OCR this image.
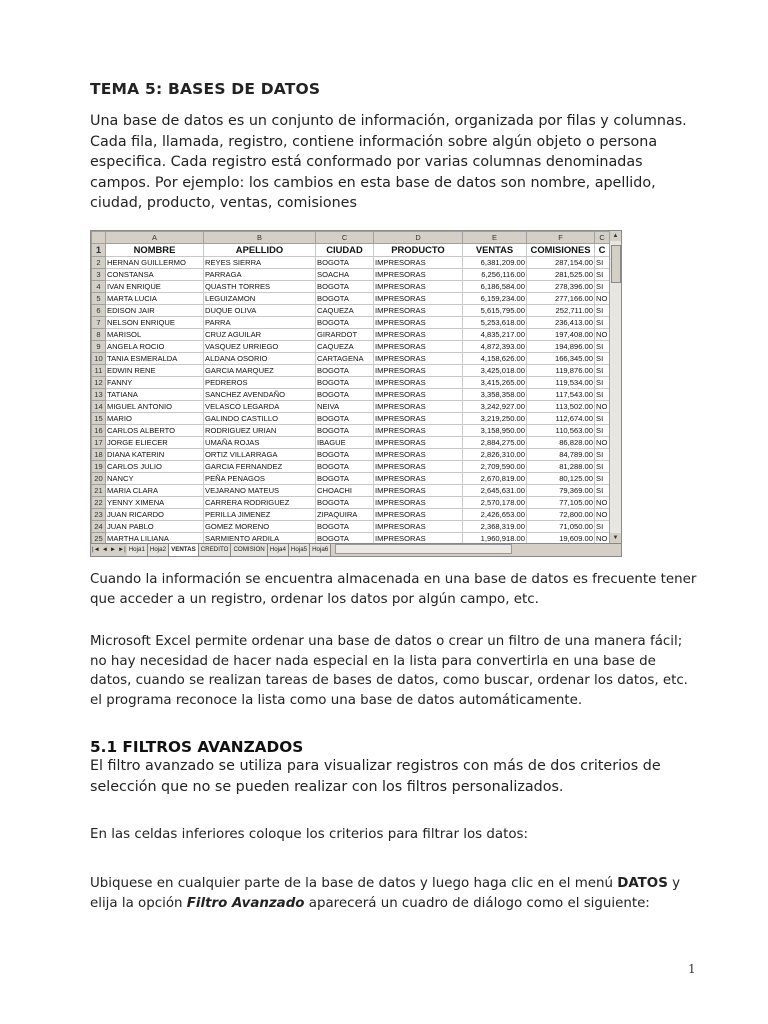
TEMA 5: BASES DE DATOS

Una base de datos es un conjunto de información, organizada por filas y columnas. Cada fila, llamada, registro, contiene información sobre algún objeto o persona especifica. Cada registro está conformado por varias columnas denominadas campos. Por ejemplo: los cambios en esta base de datos son nombre, apellido, ciudad, producto, ventas, comisiones

	A	B	C	D	E	F	C
1	NOMBRE	APELLIDO	CIUDAD	PRODUCTO	VENTAS	COMISIONES	C
2	HERNAN GUILLERMO	REYES SIERRA	BOGOTA	IMPRESORAS	6,381,209.00	287,154.00	SI
3	CONSTANSA	PARRAGA	SOACHA	IMPRESORAS	6,256,116.00	281,525.00	SI
4	IVAN ENRIQUE	QUASTH TORRES	BOGOTA	IMPRESORAS	6,186,584.00	278,396.00	SI
5	MARTA LUCIA	LEGUIZAMON	BOGOTA	IMPRESORAS	6,159,234.00	277,166.00	NO
6	EDISON JAIR	DUQUE OLIVA	CAQUEZA	IMPRESORAS	5,615,795.00	252,711.00	SI
7	NELSON ENRIQUE	PARRA	BOGOTA	IMPRESORAS	5,253,618.00	236,413.00	SI
8	MARISOL	CRUZ AGUILAR	GIRARDOT	IMPRESORAS	4,835,217.00	197,408.00	NO
9	ANGELA ROCIO	VASQUEZ URRIEGO	CAQUEZA	IMPRESORAS	4,872,393.00	194,896.00	SI
10	TANIA ESMERALDA	ALDANA OSORIO	CARTAGENA	IMPRESORAS	4,158,626.00	166,345.00	SI
11	EDWIN RENE	GARCIA MARQUEZ	BOGOTA	IMPRESORAS	3,425,018.00	119,876.00	SI
12	FANNY	PEDREROS	BOGOTA	IMPRESORAS	3,415,265.00	119,534.00	SI
13	TATIANA	SANCHEZ AVENDAÑO	BOGOTA	IMPRESORAS	3,358,358.00	117,543.00	SI
14	MIGUEL ANTONIO	VELASCO LEGARDA	NEIVA	IMPRESORAS	3,242,927.00	113,502.00	NO
15	MARIO	GALINDO CASTILLO	BOGOTA	IMPRESORAS	3,219,250.00	112,674.00	SI
16	CARLOS ALBERTO	RODRIGUEZ URIAN	BOGOTA	IMPRESORAS	3,158,950.00	110,563.00	SI
17	JORGE ELIECER	UMAÑA ROJAS	IBAGUE	IMPRESORAS	2,884,275.00	86,828.00	NO
18	DIANA KATERIN	ORTIZ VILLARRAGA	BOGOTA	IMPRESORAS	2,826,310.00	84,789.00	SI
19	CARLOS JULIO	GARCIA FERNANDEZ	BOGOTA	IMPRESORAS	2,709,590.00	81,288.00	SI
20	NANCY	PEÑA PENAGOS	BOGOTA	IMPRESORAS	2,670,819.00	80,125.00	SI
21	MARIA CLARA	VEJARANO MATEUS	CHOACHI	IMPRESORAS	2,645,631.00	79,369.00	SI
22	YENNY XIMENA	CARRERA RODRIGUEZ	BOGOTA	IMPRESORAS	2,570,178.00	77,105.00	NO
23	JUAN RICARDO	PERILLA JIMENEZ	ZIPAQUIRA	IMPRESORAS	2,426,653.00	72,800.00	NO
24	JUAN PABLO	GOMEZ MORENO	BOGOTA	IMPRESORAS	2,368,319.00	71,050.00	SI
25	MARTHA LILIANA	SARMIENTO ARDILA	BOGOTA	IMPRESORAS	1,960,918.00	19,609.00	NO
▲
▼
|◄ ◄ ► ►| Hoja1 Hoja2 VENTAS CREDITO COMISION Hoja4 Hoja5 Hoja6

Cuando la información se encuentra almacenada en una base de datos es frecuente tener que acceder a un registro, ordenar los datos por algún campo, etc.

Microsoft Excel permite ordenar una base de datos o crear un filtro de una manera fácil; no hay necesidad de hacer nada especial en la lista para convertirla en una base de datos, cuando se realizan tareas de bases de datos, como buscar, ordenar los datos, etc. el programa reconoce la lista como una base de datos automáticamente.

5.1 FILTROS AVANZADOS

El filtro avanzado se utiliza para visualizar registros con más de dos criterios de selección que no se pueden realizar con los filtros personalizados.

En las celdas inferiores coloque los criterios para filtrar los datos:

Ubiquese en cualquier parte de la base de datos y luego haga clic en el menú DATOS y elija la opción Filtro Avanzado aparecerá un cuadro de diálogo como el siguiente:

1
